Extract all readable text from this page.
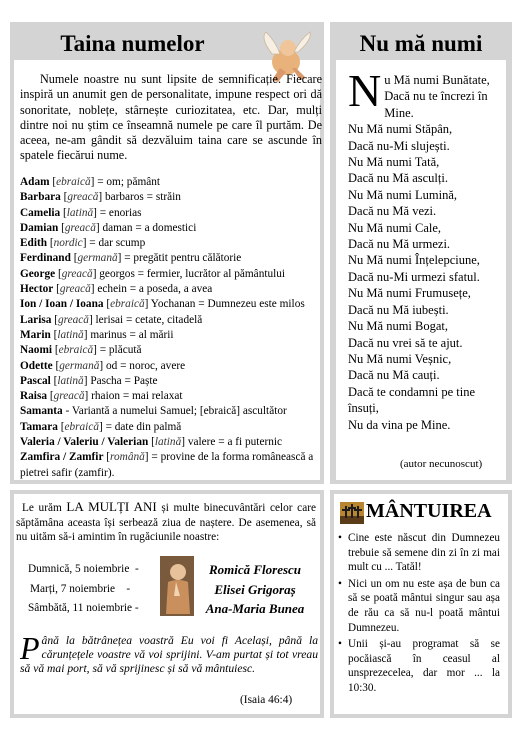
Taina numelor
Numele noastre nu sunt lipsite de semnificație. Fiecare inspiră un anumit gen de personalitate, impune respect ori dă sonoritate, noblețe, stârnește curiozitatea, etc. Dar, mulți dintre noi nu știm ce înseamnă numele pe care îl purtăm. De aceea, ne-am gândit să dezvăluim taina care se ascunde în spatele fiecărui nume.
Adam [ebraică] = om; pământ
Barbara [greacă] barbaros = străin
Camelia [latină] = enorias
Damian [greacă] daman = a domestici
Edith [nordic] = dar scump
Ferdinand [germană] = pregătit pentru călătorie
George [greacă] georgos = fermier, lucrător al pământului
Hector [greacă] echein = a poseda, a avea
Ion / Ioan / Ioana [ebraică] Yochanan = Dumnezeu este milos
Larisa [greacă] lerisai = cetate, citadelă
Marin [latină] marinus = al mării
Naomi [ebraică] = plăcută
Odette [germană] od = noroc, avere
Pascal [latină] Pascha = Paște
Raisa [greacă] rhaion = mai relaxat
Samanta - Variantă a numelui Samuel; [ebraică] ascultător
Tamara [ebraică] = date din palmă
Valeria / Valeriu / Valerian [latină] valere = a fi puternic
Zamfira / Zamfir [română] = provine de la forma românească a pietrei safir (zamfir).
Nu mă numi
N u Mă numi Bunătate,

Dacă nu te încrezi în Mine.
Nu Mă numi Stăpân,
Dacă nu-Mi slujești.
Nu Mă numi Tată,
Dacă nu Mă asculți.
Nu Mă numi Lumină,
Dacă nu Mă vezi.
Nu Mă numi Cale,
Dacă nu Mă urmezi.
Nu Mă numi Înțelepciune,
Dacă nu-Mi urmezi sfatul.
Nu Mă numi Frumusețe,
Dacă nu Mă iubești.
Nu Mă numi Bogat,
Dacă nu vrei să te ajut.
Nu Mă numi Veșnic,
Dacă nu Mă cauți.
Dacă te condamni pe tine însuți,
Nu da vina pe Mine.
(autor necunoscut)
Le urăm LA MULȚI ANI și multe binecuvântări celor care săptămâna aceasta își serbează ziua de naștere. De asemenea, să nu uităm să-i amintim în rugăciunile noastre:
Dumnică, 5 noiembrie  -
Marți, 7 noiembrie    -
Sâmbătă, 11 noiembrie -
Romică Florescu
Elisei Grigoraș
Ana-Maria Bunea
P ână la bătrânețea voastră Eu voi fi Același, până la cărunțețele voastre vă voi sprijini. V-am purtat și tot vreau să vă mai port, să vă sprijinesc și să vă mântuiesc.
(Isaia 46:4)
MÂNTUIREA
• Cine este născut din Dumnezeu trebuie să semene din zi în zi mai mult cu ... Tatăl!
• Nici un om nu este așa de bun ca să se poată mântui singur sau așa de rău ca să nu-l poată mântui Dumnezeu.
• Unii și-au programat să se pocăiască în ceasul al unsprezecelea, dar mor ... la 10:30.
